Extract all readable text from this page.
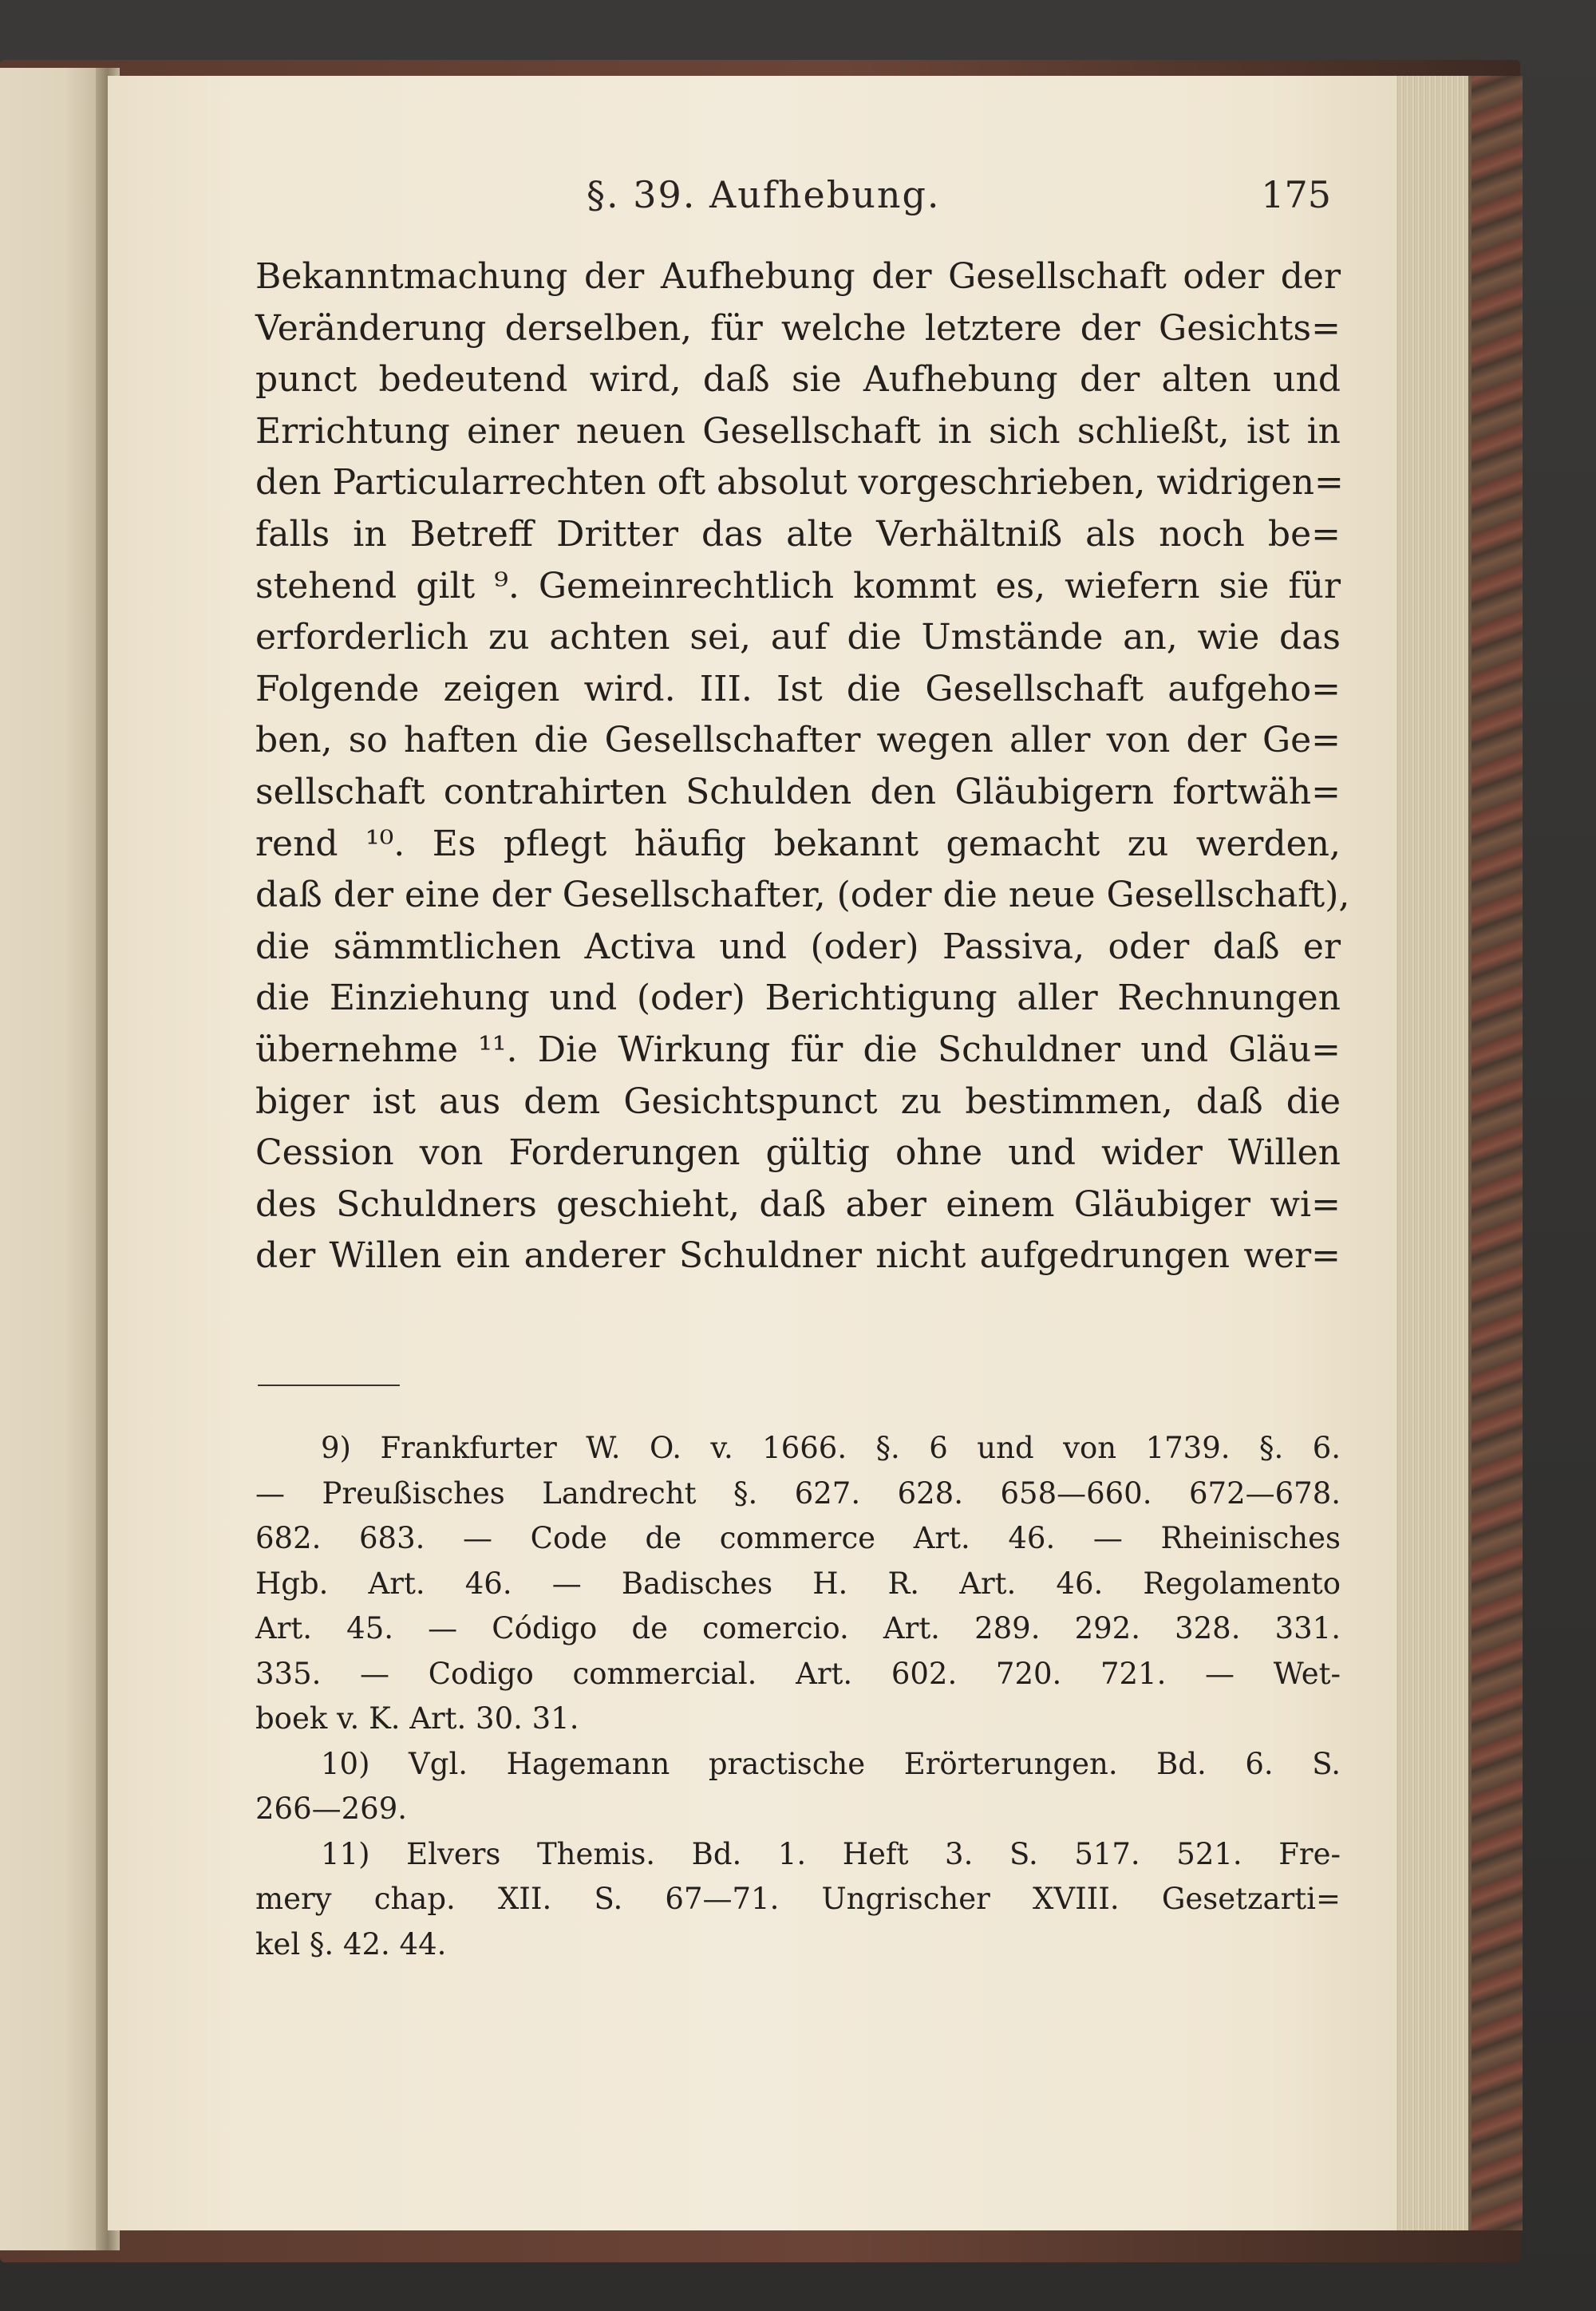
§. 39. Aufhebung.	175
Bekanntmachung der Aufhebung der Gesellschaft oder der
Veränderung derselben, für welche letztere der Gesichts=
punct bedeutend wird, daß sie Aufhebung der alten und
Errichtung einer neuen Gesellschaft in sich schließt, ist in
den Particularrechten oft absolut vorgeschrieben, widrigen=
falls in Betreff Dritter das alte Verhältniß als noch be=
stehend gilt ⁹. Gemeinrechtlich kommt es, wiefern sie für
erforderlich zu achten sei, auf die Umstände an, wie das
Folgende zeigen wird. III. Ist die Gesellschaft aufgeho=
ben, so haften die Gesellschafter wegen aller von der Ge=
sellschaft contrahirten Schulden den Gläubigern fortwäh=
rend ¹⁰. Es pflegt häufig bekannt gemacht zu werden,
daß der eine der Gesellschafter, (oder die neue Gesellschaft),
die sämmtlichen Activa und (oder) Passiva, oder daß er
die Einziehung und (oder) Berichtigung aller Rechnungen
übernehme ¹¹. Die Wirkung für die Schuldner und Gläu=
biger ist aus dem Gesichtspunct zu bestimmen, daß die
Cession von Forderungen gültig ohne und wider Willen
des Schuldners geschieht, daß aber einem Gläubiger wi=
der Willen ein anderer Schuldner nicht aufgedrungen wer=
9) Frankfurter W. O. v. 1666. §. 6 und von 1739. §. 6.
— Preußisches Landrecht §. 627. 628. 658—660. 672—678.
682. 683. — Code de commerce Art. 46. — Rheinisches
Hgb. Art. 46. — Badisches H. R. Art. 46. Regolamento
Art. 45. — Código de comercio. Art. 289. 292. 328. 331.
335. — Codigo commercial. Art. 602. 720. 721. — Wet-
boek v. K. Art. 30. 31.
10) Vgl. Hagemann practische Erörterungen. Bd. 6. S.
266—269.
11) Elvers Themis. Bd. 1. Heft 3. S. 517. 521. Fre-
mery chap. XII. S. 67—71. Ungrischer XVIII. Gesetzarti=
kel §. 42. 44.
